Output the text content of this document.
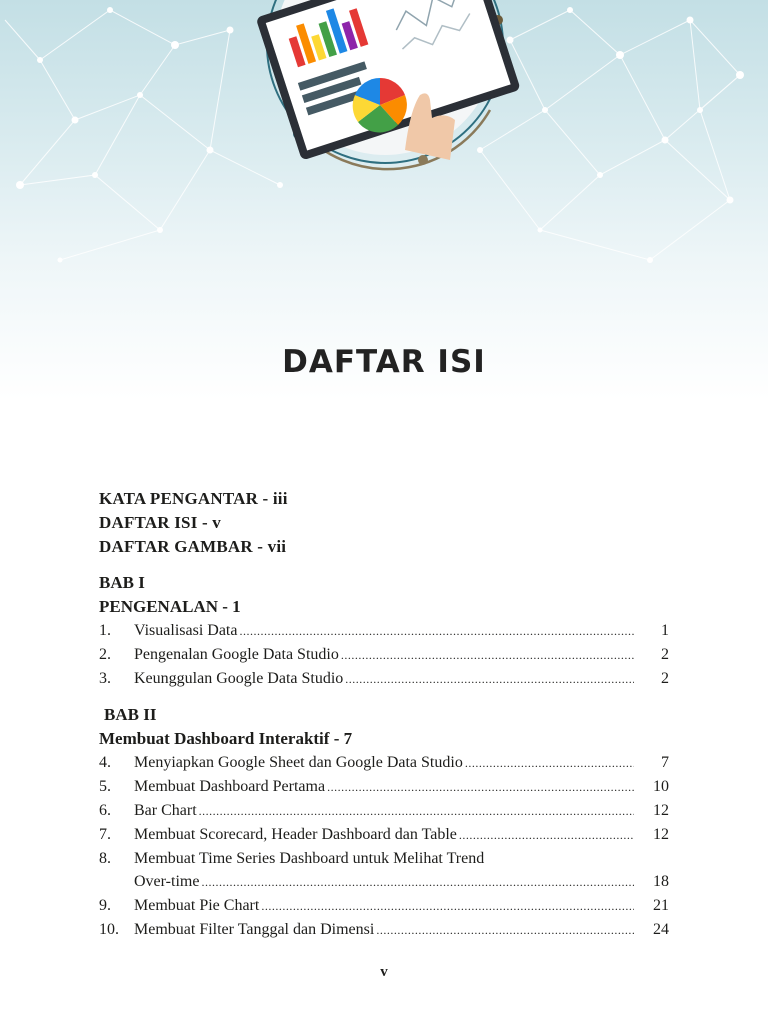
DAFTAR ISI
KATA PENGANTAR - iii
DAFTAR ISI - v
DAFTAR GAMBAR - vii
BAB I
PENGENALAN - 1
1. Visualisasi Data .....	1
2. Pengenalan Google Data Studio .....	2
3. Keunggulan Google Data Studio .....	2
BAB II
Membuat Dashboard Interaktif - 7
4. Menyiapkan Google Sheet dan Google Data Studio .....	7
5. Membuat Dashboard Pertama .....	10
6. Bar Chart .....	12
7. Membuat Scorecard, Header Dashboard dan Table .....	12
8. Membuat Time Series Dashboard untuk Melihat Trend
Over-time .....	18
9. Membuat Pie Chart .....	21
10. Membuat Filter Tanggal dan Dimensi .....	24
v
